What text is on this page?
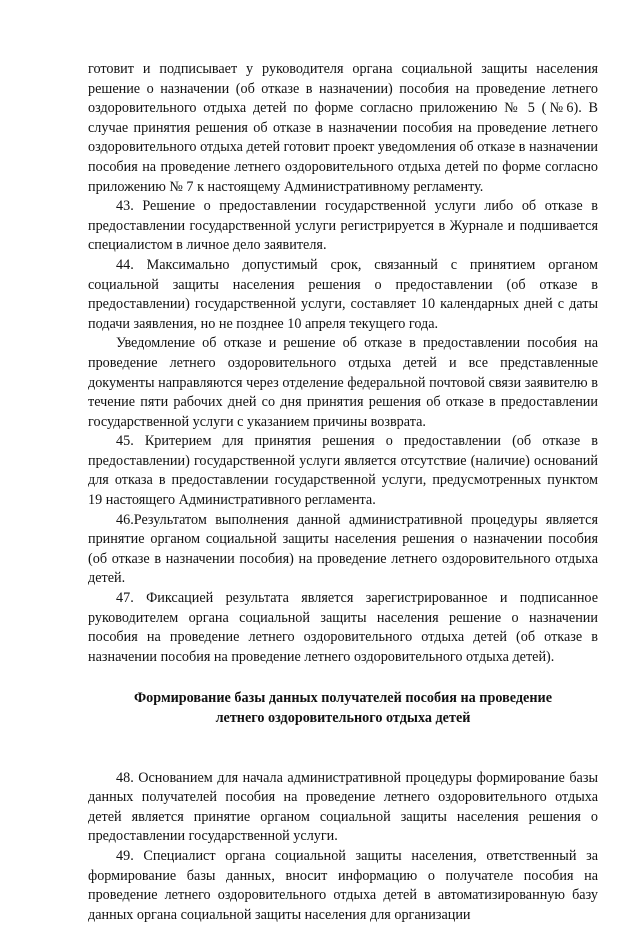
готовит и подписывает у руководителя органа социальной защиты населения решение о назначении (об отказе в назначении) пособия на проведение летнего оздоровительного отдыха детей по форме согласно приложению № 5 (№6). В случае принятия решения об отказе в назначении пособия на проведение летнего оздоровительного отдыха детей готовит проект уведомления об отказе в назначении пособия на проведение летнего оздоровительного отдыха детей по форме согласно приложению № 7 к настоящему Административному регламенту.

43. Решение о предоставлении государственной услуги либо об отказе в предоставлении государственной услуги регистрируется в Журнале и подшивается специалистом в личное дело заявителя.

44. Максимально допустимый срок, связанный с принятием органом социальной защиты населения решения о предоставлении (об отказе в предоставлении) государственной услуги, составляет 10 календарных дней с даты подачи заявления, но не позднее 10 апреля текущего года.

Уведомление об отказе и решение об отказе в предоставлении пособия на проведение летнего оздоровительного отдыха детей и все представленные документы направляются через отделение федеральной почтовой связи заявителю в течение пяти рабочих дней со дня принятия решения об отказе в предоставлении государственной услуги с указанием причины возврата.

45. Критерием для принятия решения о предоставлении (об отказе в предоставлении) государственной услуги является отсутствие (наличие) оснований для отказа в предоставлении государственной услуги, предусмотренных пунктом 19 настоящего Административного регламента.

46.Результатом выполнения данной административной процедуры является принятие органом социальной защиты населения решения о назначении пособия (об отказе в назначении пособия) на проведение летнего оздоровительного отдыха детей.

47. Фиксацией результата является зарегистрированное и подписанное руководителем органа социальной защиты населения решение о назначении пособия на проведение летнего оздоровительного отдыха детей (об отказе в назначении пособия на проведение летнего оздоровительного отдыха детей).

Формирование базы данных получателей пособия на проведение
летнего оздоровительного отдыха детей

48. Основанием для начала административной процедуры формирование базы данных получателей пособия на проведение летнего оздоровительного отдыха детей является принятие органом социальной защиты населения решения о предоставлении государственной услуги.

49. Специалист органа социальной защиты населения, ответственный за формирование базы данных, вносит информацию о получателе пособия на проведение летнего оздоровительного отдыха детей в автоматизированную базу данных органа социальной защиты населения для организации
